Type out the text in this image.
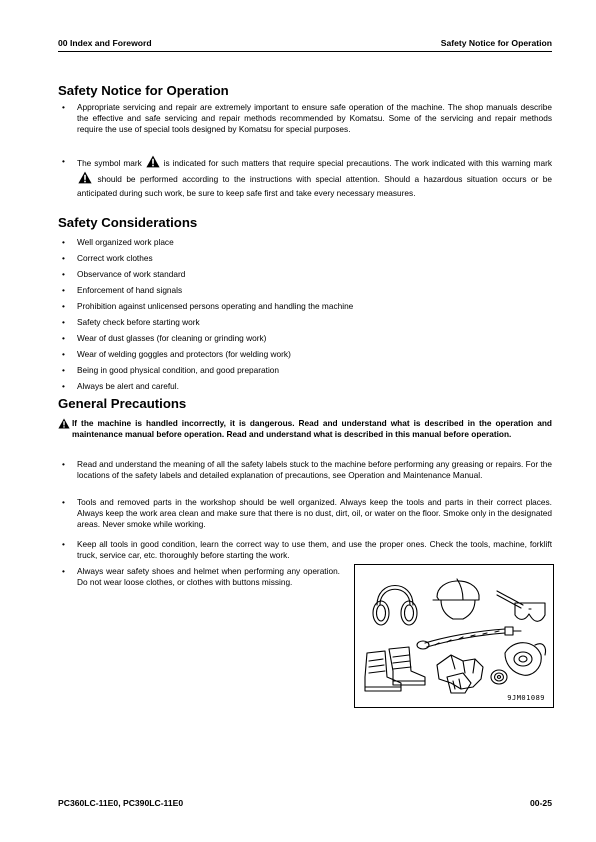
00 Index and Foreword	Safety Notice for Operation
Safety Notice for Operation
• Appropriate servicing and repair are extremely important to ensure safe operation of the machine. The shop manuals describe the effective and safe servicing and repair methods recommended by Komatsu. Some of the servicing and repair methods require the use of special tools designed by Komatsu for special purposes.
• The symbol mark	is indicated for such matters that require special precautions. The work indicated with this warning mark  should be performed according to the instructions with special attention. Should a hazardous situation occurs or be anticipated during such work, be sure to keep safe first and take every necessary measures.
Safety Considerations
• Well organized work place
• Correct work clothes
• Observance of work standard
• Enforcement of hand signals
• Prohibition against unlicensed persons operating and handling the machine
• Safety check before starting work
• Wear of dust glasses (for cleaning or grinding work)
• Wear of welding goggles and protectors (for welding work)
• Being in good physical condition, and good preparation
• Always be alert and careful.
General Precautions
If the machine is handled incorrectly, it is dangerous. Read and understand what is described in the operation and maintenance manual before operation. Read and understand what is described in this manual before operation.
• Read and understand the meaning of all the safety labels stuck to the machine before performing any greasing or repairs. For the locations of the safety labels and detailed explanation of precautions, see Operation and Maintenance Manual.
• Tools and removed parts in the workshop should be well organized. Always keep the tools and parts in their correct places. Always keep the work area clean and make sure that there is no dust, dirt, oil, or water on the floor. Smoke only in the designated areas. Never smoke while working.
• Keep all tools in good condition, learn the correct way to use them, and use the proper ones. Check the tools, machine, forklift truck, service car, etc. thoroughly before starting the work.
• Always wear safety shoes and helmet when performing any operation. Do not wear loose clothes, or clothes with buttons missing.
9JM01089
PC360LC-11E0, PC390LC-11E0	00-25
